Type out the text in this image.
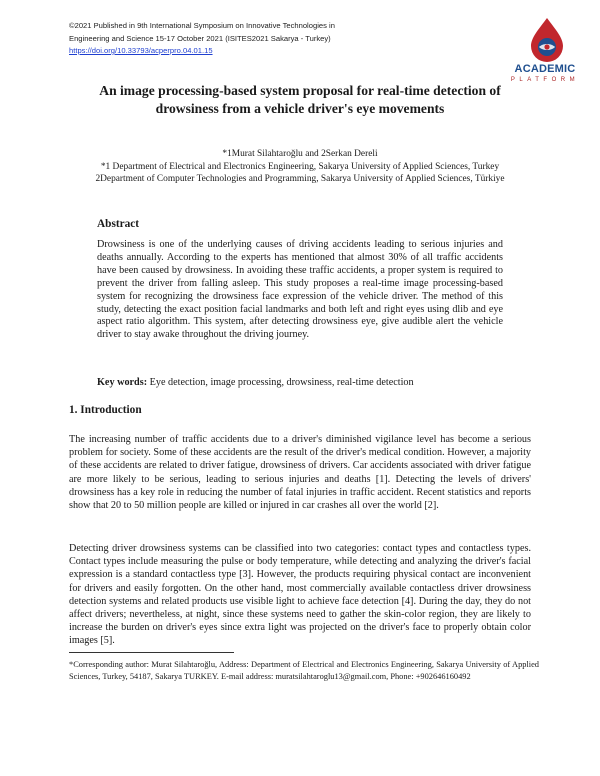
©2021 Published in 9th International Symposium on Innovative Technologies in
Engineering and Science 15-17 October 2021 (ISITES2021 Sakarya - Turkey)
https://doi.org/10.33793/acperpro.04.01.15
ACADEMIC
PLATFORM
An image processing-based system proposal for real-time detection of drowsiness from a vehicle driver's eye movements
*1Murat Silahtaroğlu and 2Serkan Dereli
*1 Department of Electrical and Electronics Engineering, Sakarya University of Applied Sciences, Turkey
2Department of Computer Technologies and Programming, Sakarya University of Applied Sciences, Türkiye
Abstract
Drowsiness is one of the underlying causes of driving accidents leading to serious injuries and deaths annually. According to the experts has mentioned that almost 30% of all traffic accidents have been caused by drowsiness. In avoiding these traffic accidents, a proper system is required to prevent the driver from falling asleep. This study proposes a real-time image processing-based system for recognizing the drowsiness face expression of the vehicle driver. The method of this study, detecting the exact position facial landmarks and both left and right eyes using dlib and eye aspect ratio algorithm. This system, after detecting drowsiness eye, give audible alert the vehicle driver to stay awake throughout the driving journey.
Key words: Eye detection, image processing, drowsiness, real-time detection
1. Introduction
The increasing number of traffic accidents due to a driver's diminished vigilance level has become a serious problem for society. Some of these accidents are the result of the driver's medical condition. However, a majority of these accidents are related to driver fatigue, drowsiness of drivers. Car accidents associated with driver fatigue are more likely to be serious, leading to serious injuries and deaths [1]. Detecting the levels of drivers' drowsiness has a key role in reducing the number of fatal injuries in traffic accident. Recent statistics and reports show that 20 to 50 million people are killed or injured in car crashes all over the world [2].
Detecting driver drowsiness systems can be classified into two categories: contact types and contactless types. Contact types include measuring the pulse or body temperature, while detecting and analyzing the driver's facial expression is a standard contactless type [3]. However, the products requiring physical contact are inconvenient for drivers and easily forgotten. On the other hand, most commercially available contactless driver drowsiness detection systems and related products use visible light to achieve face detection [4]. During the day, they do not affect drivers; nevertheless, at night, since these systems need to gather the skin-color region, they are likely to increase the burden on driver's eyes since extra light was projected on the driver's face to properly obtain color images [5].
*Corresponding author: Murat Silahtaroğlu, Address: Department of Electrical and Electronics Engineering, Sakarya University of Applied Sciences, Turkey, 54187, Sakarya TURKEY. E-mail address: muratsilahtaroglu13@gmail.com, Phone: +902646160492
